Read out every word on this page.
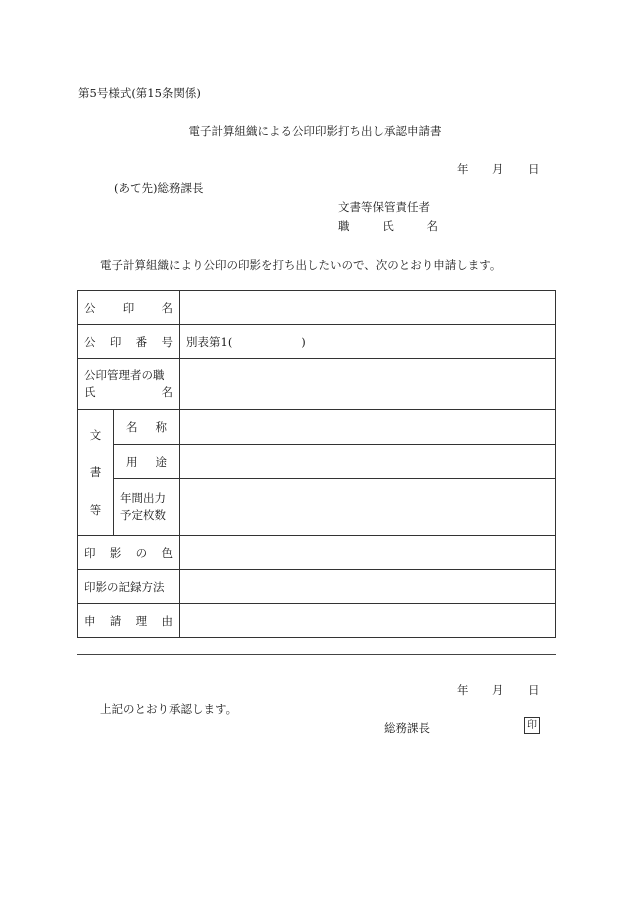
第5号様式(第15条関係)
電子計算組織による公印印影打ち出し承認申請書
年 月 日
(あて先)総務課長
文書等保管責任者
職	氏	名
電子計算組織により公印の印影を打ち出したいので、次のとおり申請します。
公 印 名		

公 印 番 号		別表第1(　　　　　　)

公印管理者の職
氏 名		

文
書
等	名 称	

	用 途	

	年間出力
予定枚数	

印 影 の 色		

印影の記録方法		

申 請 理 由		

年 月 日
上記のとおり承認します。
総務課長	印
